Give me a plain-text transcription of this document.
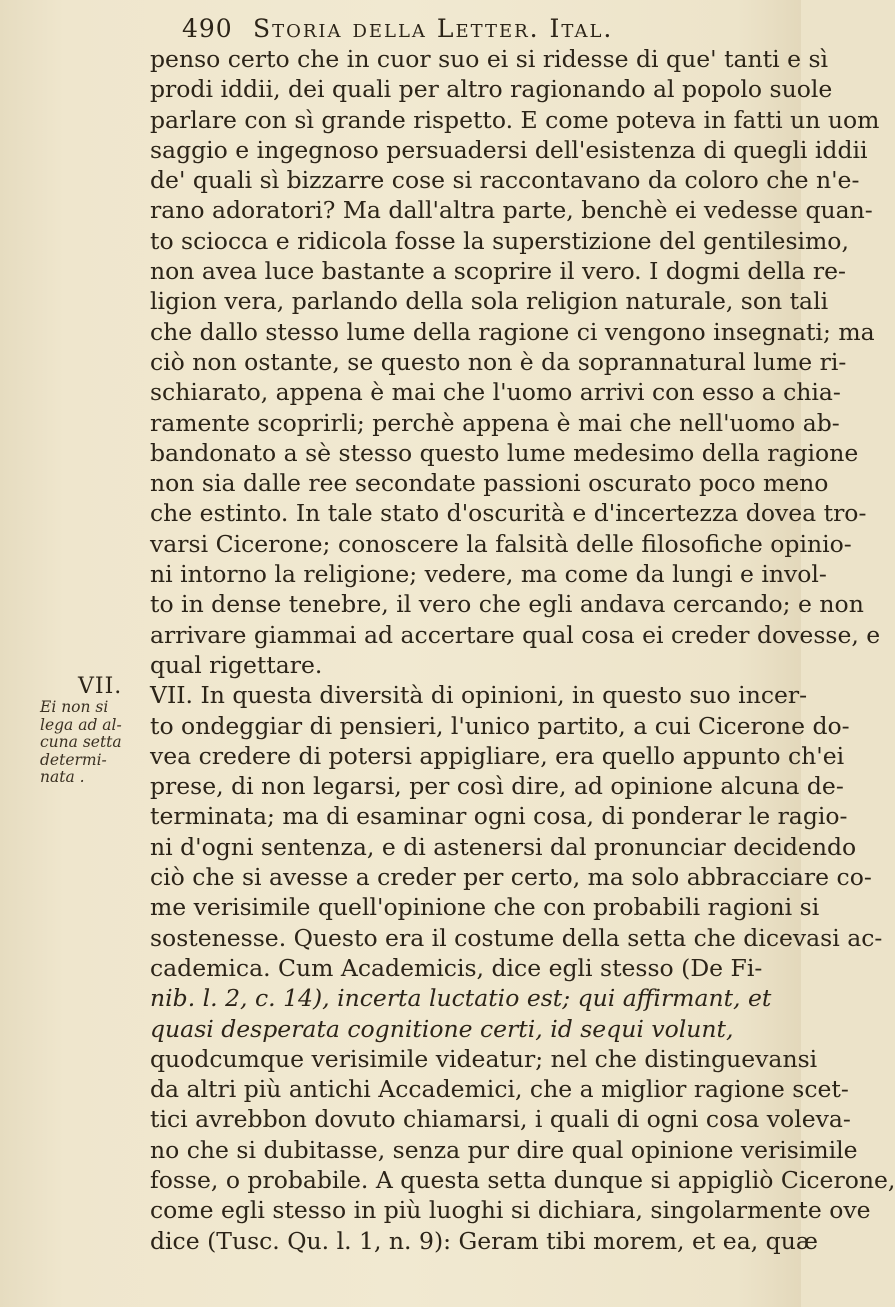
490 Storia della Letter. Ital.
VII.
Ei non si
lega ad al-
cuna setta
determi-
nata .
penso certo che in cuor suo ei si ridesse di que' tanti e sì
prodi iddii, dei quali per altro ragionando al popolo suole
parlare con sì grande rispetto. E come poteva in fatti un uom
saggio e ingegnoso persuadersi dell'esistenza di quegli iddii
de' quali sì bizzarre cose si raccontavano da coloro che n'e-
rano adoratori? Ma dall'altra parte, benchè ei vedesse quan-
to sciocca e ridicola fosse la superstizione del gentilesimo,
non avea luce bastante a scoprire il vero. I dogmi della re-
ligion vera, parlando della sola religion naturale, son tali
che dallo stesso lume della ragione ci vengono insegnati; ma
ciò non ostante, se questo non è da soprannatural lume ri-
schiarato, appena è mai che l'uomo arrivi con esso a chia-
ramente scoprirli; perchè appena è mai che nell'uomo ab-
bandonato a sè stesso questo lume medesimo della ragione
non sia dalle ree secondate passioni oscurato poco meno
che estinto. In tale stato d'oscurità e d'incertezza dovea tro-
varsi Cicerone; conoscere la falsità delle filosofiche opinio-
ni intorno la religione; vedere, ma come da lungi e invol-
to in dense tenebre, il vero che egli andava cercando; e non
arrivare giammai ad accertare qual cosa ei creder dovesse, e
qual rigettare.
VII. In questa diversità di opinioni, in questo suo incer-
to ondeggiar di pensieri, l'unico partito, a cui Cicerone do-
vea credere di potersi appigliare, era quello appunto ch'ei
prese, di non legarsi, per così dire, ad opinione alcuna de-
terminata; ma di esaminar ogni cosa, di ponderar le ragio-
ni d'ogni sentenza, e di astenersi dal pronunciar decidendo
ciò che si avesse a creder per certo, ma solo abbracciare co-
me verisimile quell'opinione che con probabili ragioni si
sostenesse. Questo era il costume della setta che dicevasi ac-
cademica. Cum Academicis, dice egli stesso (De Fi-
nib. l. 2, c. 14), incerta luctatio est; qui affirmant, et
quasi desperata cognitione certi, id sequi volunt,
quodcumque verisimile videatur; nel che distinguevansi
da altri più antichi Accademici, che a miglior ragione scet-
tici avrebbon dovuto chiamarsi, i quali di ogni cosa voleva-
no che si dubitasse, senza pur dire qual opinione verisimile
fosse, o probabile. A questa setta dunque si appigliò Cicerone,
come egli stesso in più luoghi si dichiara, singolarmente ove
dice (Tusc. Qu. l. 1, n. 9): Geram tibi morem, et ea, quæ
